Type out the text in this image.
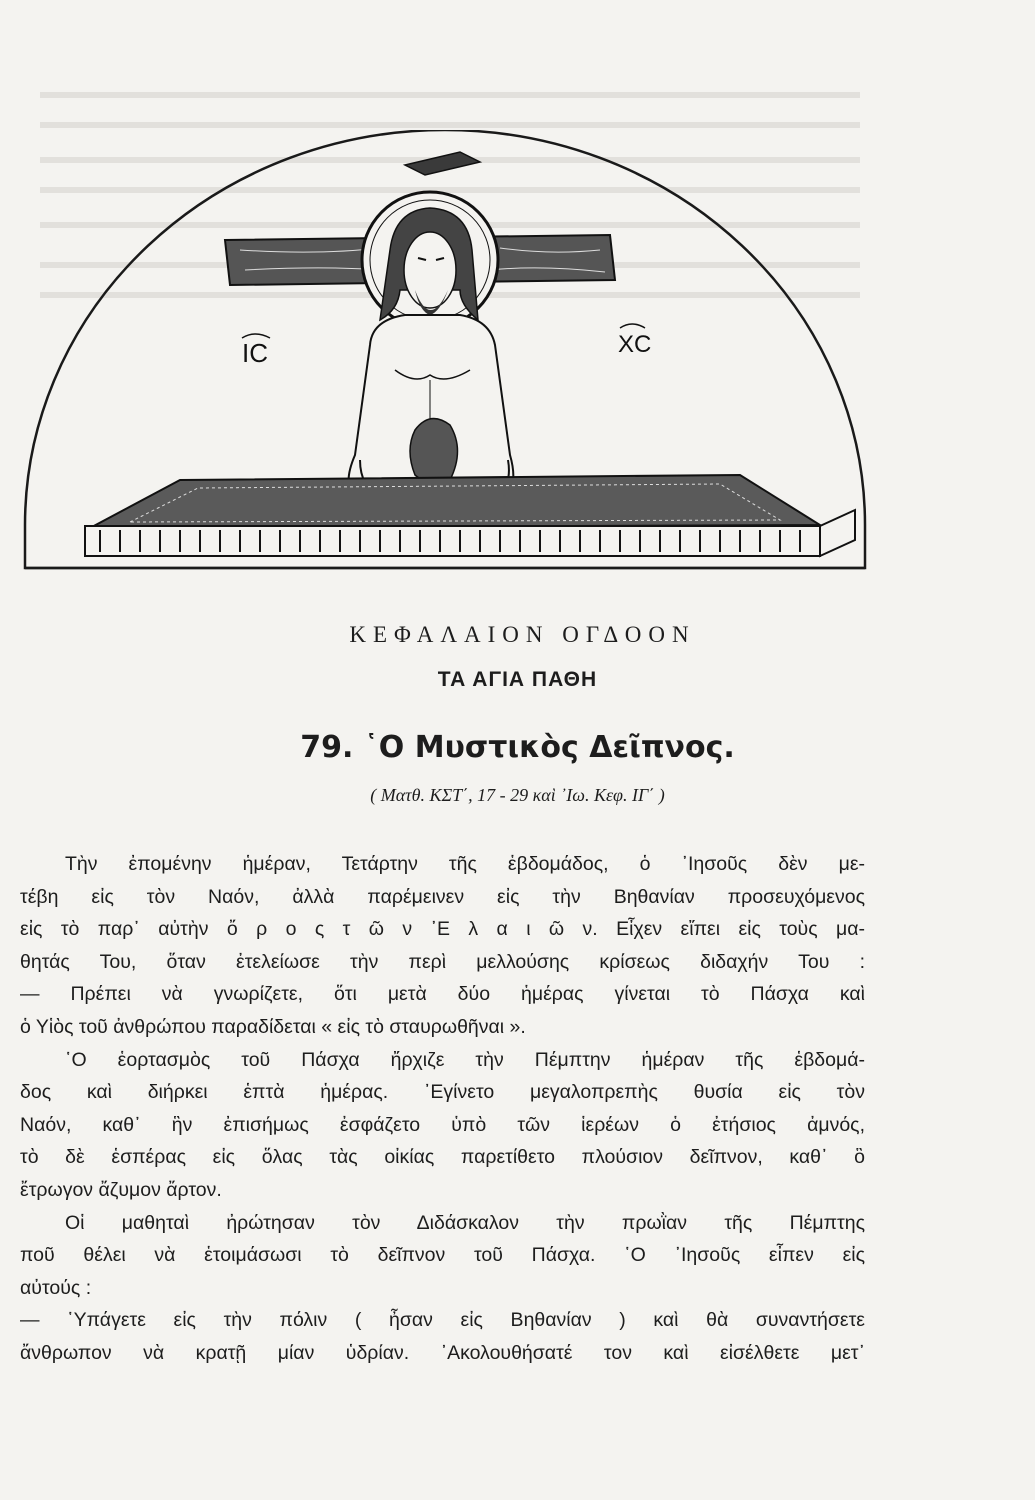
IC	XC
ΚΕΦΑΛΑΙΟΝ ΟΓΔΟΟΝ
ΤΑ ΑΓΙΑ ΠΑΘΗ
79. ῾Ο Μυστικὸς Δεῖπνος.
( Ματθ. ΚΣΤ΄, 17 - 29 καὶ ᾿Ιω. Κεφ. ΙΓ΄ )
Τὴν ἐπομένην ἡμέραν, Τετάρτην τῆς ἑβδομάδος, ὁ ᾿Ιησοῦς δὲν με-
τέβη εἰς τὸν Ναόν, ἀλλὰ παρέμεινεν εἰς τὴν Βηθανίαν προσευχόμενος
εἰς τὸ παρ᾿ αὐτὴν ὄ ρ ο ς τ ῶ ν ᾿Ε λ α ι ῶ ν. Εἶχεν εἴπει εἰς τοὺς μα-
θητάς Του, ὅταν ἐτελείωσε τὴν περὶ μελλούσης κρίσεως διδαχήν Του :
— Πρέπει νὰ γνωρίζετε, ὅτι μετὰ δύο ἡμέρας γίνεται τὸ Πάσχα καὶ
ὁ Υἱὸς τοῦ ἀνθρώπου παραδίδεται « εἰς τὸ σταυρωθῆναι ».
῾Ο ἑορτασμὸς τοῦ Πάσχα ἤρχιζε τὴν Πέμπτην ἡμέραν τῆς ἑβδομά-
δος καὶ διήρκει ἑπτὰ ἡμέρας. ᾿Εγίνετο μεγαλοπρεπὴς θυσία εἰς τὸν
Ναόν, καθ᾿ ἣν ἐπισήμως ἐσφάζετο ὑπὸ τῶν ἱερέων ὁ ἐτήσιος ἀμνός,
τὸ δὲ ἑσπέρας εἰς ὅλας τὰς οἰκίας παρετίθετο πλούσιον δεῖπνον, καθ᾿ ὃ
ἔτρωγον ἄζυμον ἄρτον.
Οἱ μαθηταὶ ἠρώτησαν τὸν Διδάσκαλον τὴν πρωῒαν τῆς Πέμπτης
ποῦ θέλει νὰ ἑτοιμάσωσι τὸ δεῖπνον τοῦ Πάσχα. ῾Ο ᾿Ιησοῦς εἶπεν εἰς
αὐτούς :
— ῾Υπάγετε εἰς τὴν πόλιν ( ἦσαν εἰς Βηθανίαν ) καὶ θὰ συναντήσετε
ἄνθρωπον νὰ κρατῇ μίαν ὑδρίαν. ᾿Ακολουθήσατέ τον καὶ εἰσέλθετε μετ᾿
